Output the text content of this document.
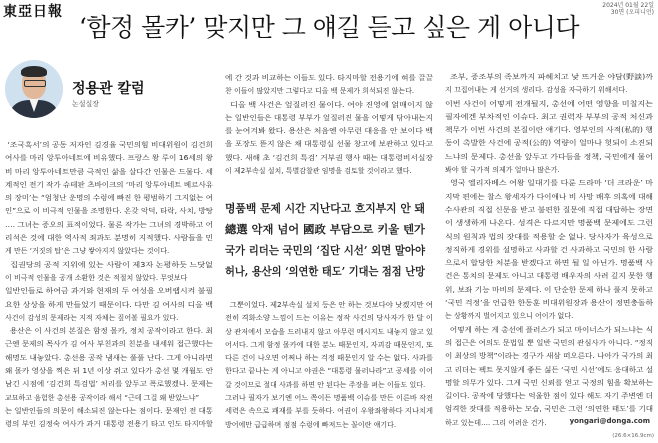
東亞日報	2024년 01월 22일
30면 (오피니언)
‘함정 몰카’ 맞지만 그 얘길 듣고 싶은 게 아니다
정용관 칼럼
논설실장
‘조국흑서’의 공동 저자인 김경율 국민의힘 비대위원이 김건희
여사를 마리 앙투아네트에 비유했다. 프랑스 왕 루이 16세의 왕
비 마리 앙투아네트만큼 극적인 삶을 살다간 인물은 드물다. 세
계적인 전기 작가 슈테판 츠바이크의 ‘마리 앙투아네트 베르사유
의 장미’는 “엄청난 운명의 수렁에 빠진 한 평범하기 그지없는 여
인”으로 이 비극적 인물을 조명한다. 온갖 악덕, 타락, 사치, 방탕
…. 그녀는 증오의 표적이었다. 물론 작가는 그녀의 경박하고 어
리석은 것에 대한 역사적 죄과도 분명히 지적했다. 사람들을 민
게 만든 ‘거짓의 탑’은 그냥 쌓아지지 않았다는 것이다.
집권당의 공적 지위에 있는 사람이 제3자 논평하듯 느닷없
이 비극적 인물을 공개 소환한 것은 적절치 않았다. 무엇보다
일반인들로 하여금 과거와 현재의 두 여성을 오버랩시켜 불필
요한 상상을 하게 만들었기 때문이다. 다만 김 여사의 디올 백
사건이 감성의 문제라는 지적 자체는 짚어볼 필요가 있다.
용산은 이 사건의 본질은 함정 몰카, 정치 공작이라고 한다. 최
근엔 문제의 목사가 김 여사 부친과의 친분을 내세워 접근했다는
해명도 내놓았다. 총선용 공작 냄새는 풀풀 난다. 그게 아니라면
왜 몰카 영상을 찍은 뒤 1년 이상 쥐고 있다가 총선 몇 개월도 안
남긴 시점에 ‘김건희 특검법’ 처리를 앞두고 폭로했겠나. 문제는
교묘하고 음험한 총선용 공작이라 해서 “근데 그걸 왜 받았느냐”
는 일반인들의 의문이 해소되진 않는다는 점이다. 문재인 전 대통
령의 부인 김정숙 여사가 과거 대통령 전용기 타고 인도 타지마할
에 간 것과 비교하는 이들도 있다. 타지마할 전용기에 혀를 끌끌
찬 이들이 많았지만 그렇다고 디올 백 문제가 희석되진 않는다.
디올 백 사건은 엎질러진 물이다. 여야 진영에 얽매이지 않
는 일반인들은 대통령 부부가 엎질러진 물을 어떻게 닦아내는지
를 눈여겨봐 왔다. 용산은 처음엔 아무런 대응을 안 보이다 백
을 포장도 뜯지 않은 채 대통령실 선물 창고에 보관하고 있다고
했다. 새해 초 ‘김건희 특검’ 거부권 행사 때는 대통령비서실장
이 제2부속실 설치, 특별감찰관 임명을 검토할 것이라고 했다.
명품백 문제 시간 지난다고 흐지부지 안 돼
總選 악재 넘어 國政 부담으로 키울 텐가
국가 리더는 국민의 ‘집단 시선’ 외면 말아야
허나, 용산의 ‘의연한 태도’ 기대는 점점 난망
그뿐이었다. 제2부속실 설치 등은 안 하는 것보다야 낫겠지만 여
전히 격화소양 느낌이 드는 이유는 정작 사건의 당사자가 한 달 이
상 관저에서 모습을 드러내지 않고 아무런 메시지도 내놓지 않고 있
어서다. 그게 함정 몰카에 대한 분노 때문인지, 자괴감 때문인지, 또
다른 건이 나오면 어쩌나 하는 걱정 때문인지 알 수는 없다. 사과를
한다고 끝나는 게 아니고 야권은 “대통령 물러나라”고 공세를 이어
갈 것이므로 절대 사과를 하면 안 된다는 주장을 펴는 이들도 있다.
그러나 필자가 보기엔 어느 쪽이든 명품백 이슈를 만든 이른바 작전
세력은 속으로 쾌재를 부를 듯하다. 여권이 우왕좌왕하다 지나치게
방어에만 급급하며 점점 수렁에 빠져드는 꼴이란 얘기다.
조부, 증조부의 족보까지 파헤치고 낯 뜨거운 야담(野談)까
지 끄집어내는 게 선거의 생리다. 감성을 자극하기 위해서다.
이번 사건이 어떻게 전개될지, 총선에 어떤 영향을 미칠지는
필자에겐 부차적인 이슈다. 최고 권력자 부부의 공적 처신과
책무가 이번 사건의 본질이란 얘기다. 영부인의 사적(私的) 행
동이 촉발한 사건에 공적(公的) 역량이 얼마나 헛되이 소진되
느냐의 문제다. 총선을 앞두고 가다듬을 정책, 국민에게 물어
봐야 할 국가적 의제가 얼마나 많은가.
영국 엘리자베스 여왕 일대기를 다룬 드라마 ‘더 크라운’ 마
지막 편에는 찰스 왕세자가 다이애나 비 사망 배후 의혹에 대해
수사관의 직접 신문을 받고 불편한 질문에 직접 대답하는 장면
이 생생하게 나온다. 성격은 다르지만 명품백 문제에도 그런
식의 원칙과 법의 잣대를 적용할 순 없나. 당사자가 육성으로
정직하게 경위를 설명하고 사과할 건 사과하고 국민의 한 사람
으로서 합당한 처분을 받겠다고 하면 될 일 아닌가. 명품백 사
건은 통치의 문제도 아니고 대통령 배우자의 사려 깊지 못한 행
위, 보좌 기능 마비의 문제다. 이 단순한 문제 하나 풀지 못하고
‘국민 걱정’을 언급한 한동훈 비대위원장과 용산이 정면충돌하
는 상황까지 벌어지고 있으니 어이가 없다.
어떻게 하는 게 총선에 플러스가 되고 마이너스가 되느냐는 식
의 접근은 여의도 문법일 뿐 일반 국민의 관심사가 아니다. “정직
이 최상의 방책”이라는 경구가 새삼 떠오른다. 나아가 국가의 최
고 리더는 팩트 못지않게 좋든 싫든 ‘국민 시선’에도 응대하고 설
명할 의무가 있다. 그게 국민 신뢰를 얻고 국정의 힘을 확보하는
길이다. 공작에 당했다는 억울한 점이 있다 해도 자기 주변엔 더
엄격한 잣대를 적용하는 모습, 국민은 그런 ‘의연한 태도’를 기대
하고 있는데…. 그리 어려운 건가.	yongari@donga.com
(26.6×16.9cm)
